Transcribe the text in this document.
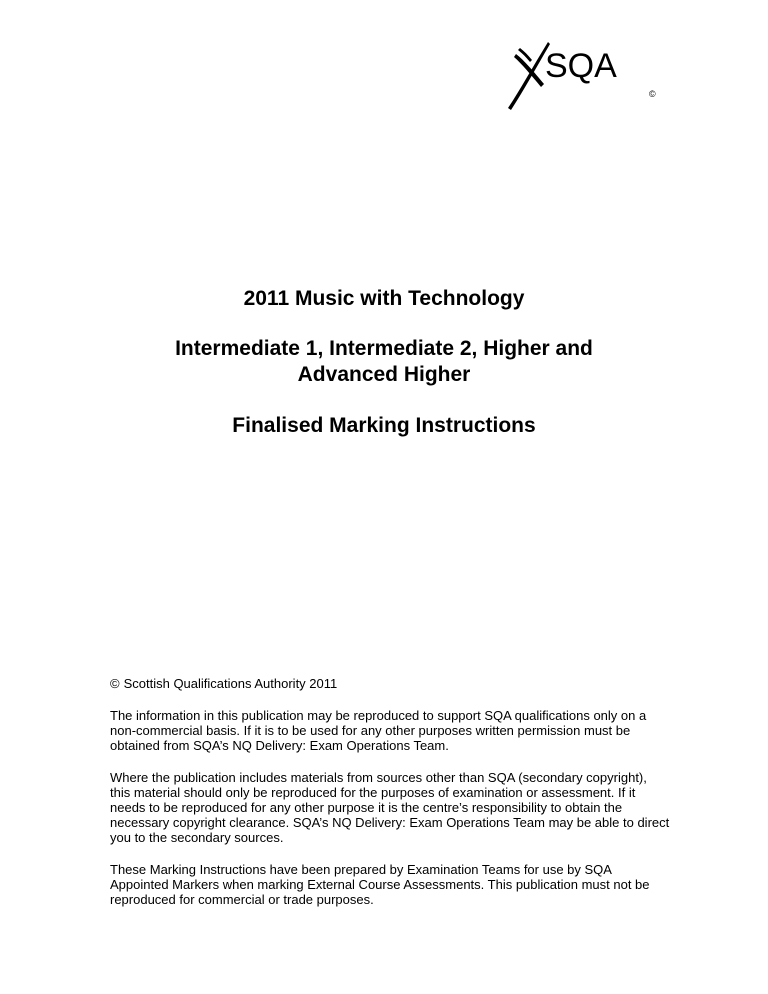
SQA
©

2011 Music with Technology

Intermediate 1, Intermediate 2, Higher and
Advanced Higher

Finalised Marking Instructions

© Scottish Qualifications Authority 2011

The information in this publication may be reproduced to support SQA qualifications only on a non-commercial basis. If it is to be used for any other purposes written permission must be obtained from SQA’s NQ Delivery: Exam Operations Team.

Where the publication includes materials from sources other than SQA (secondary copyright), this material should only be reproduced for the purposes of examination or assessment. If it needs to be reproduced for any other purpose it is the centre’s responsibility to obtain the necessary copyright clearance. SQA’s NQ Delivery: Exam Operations Team may be able to direct you to the secondary sources.

These Marking Instructions have been prepared by Examination Teams for use by SQA Appointed Markers when marking External Course Assessments. This publication must not be reproduced for commercial or trade purposes.
